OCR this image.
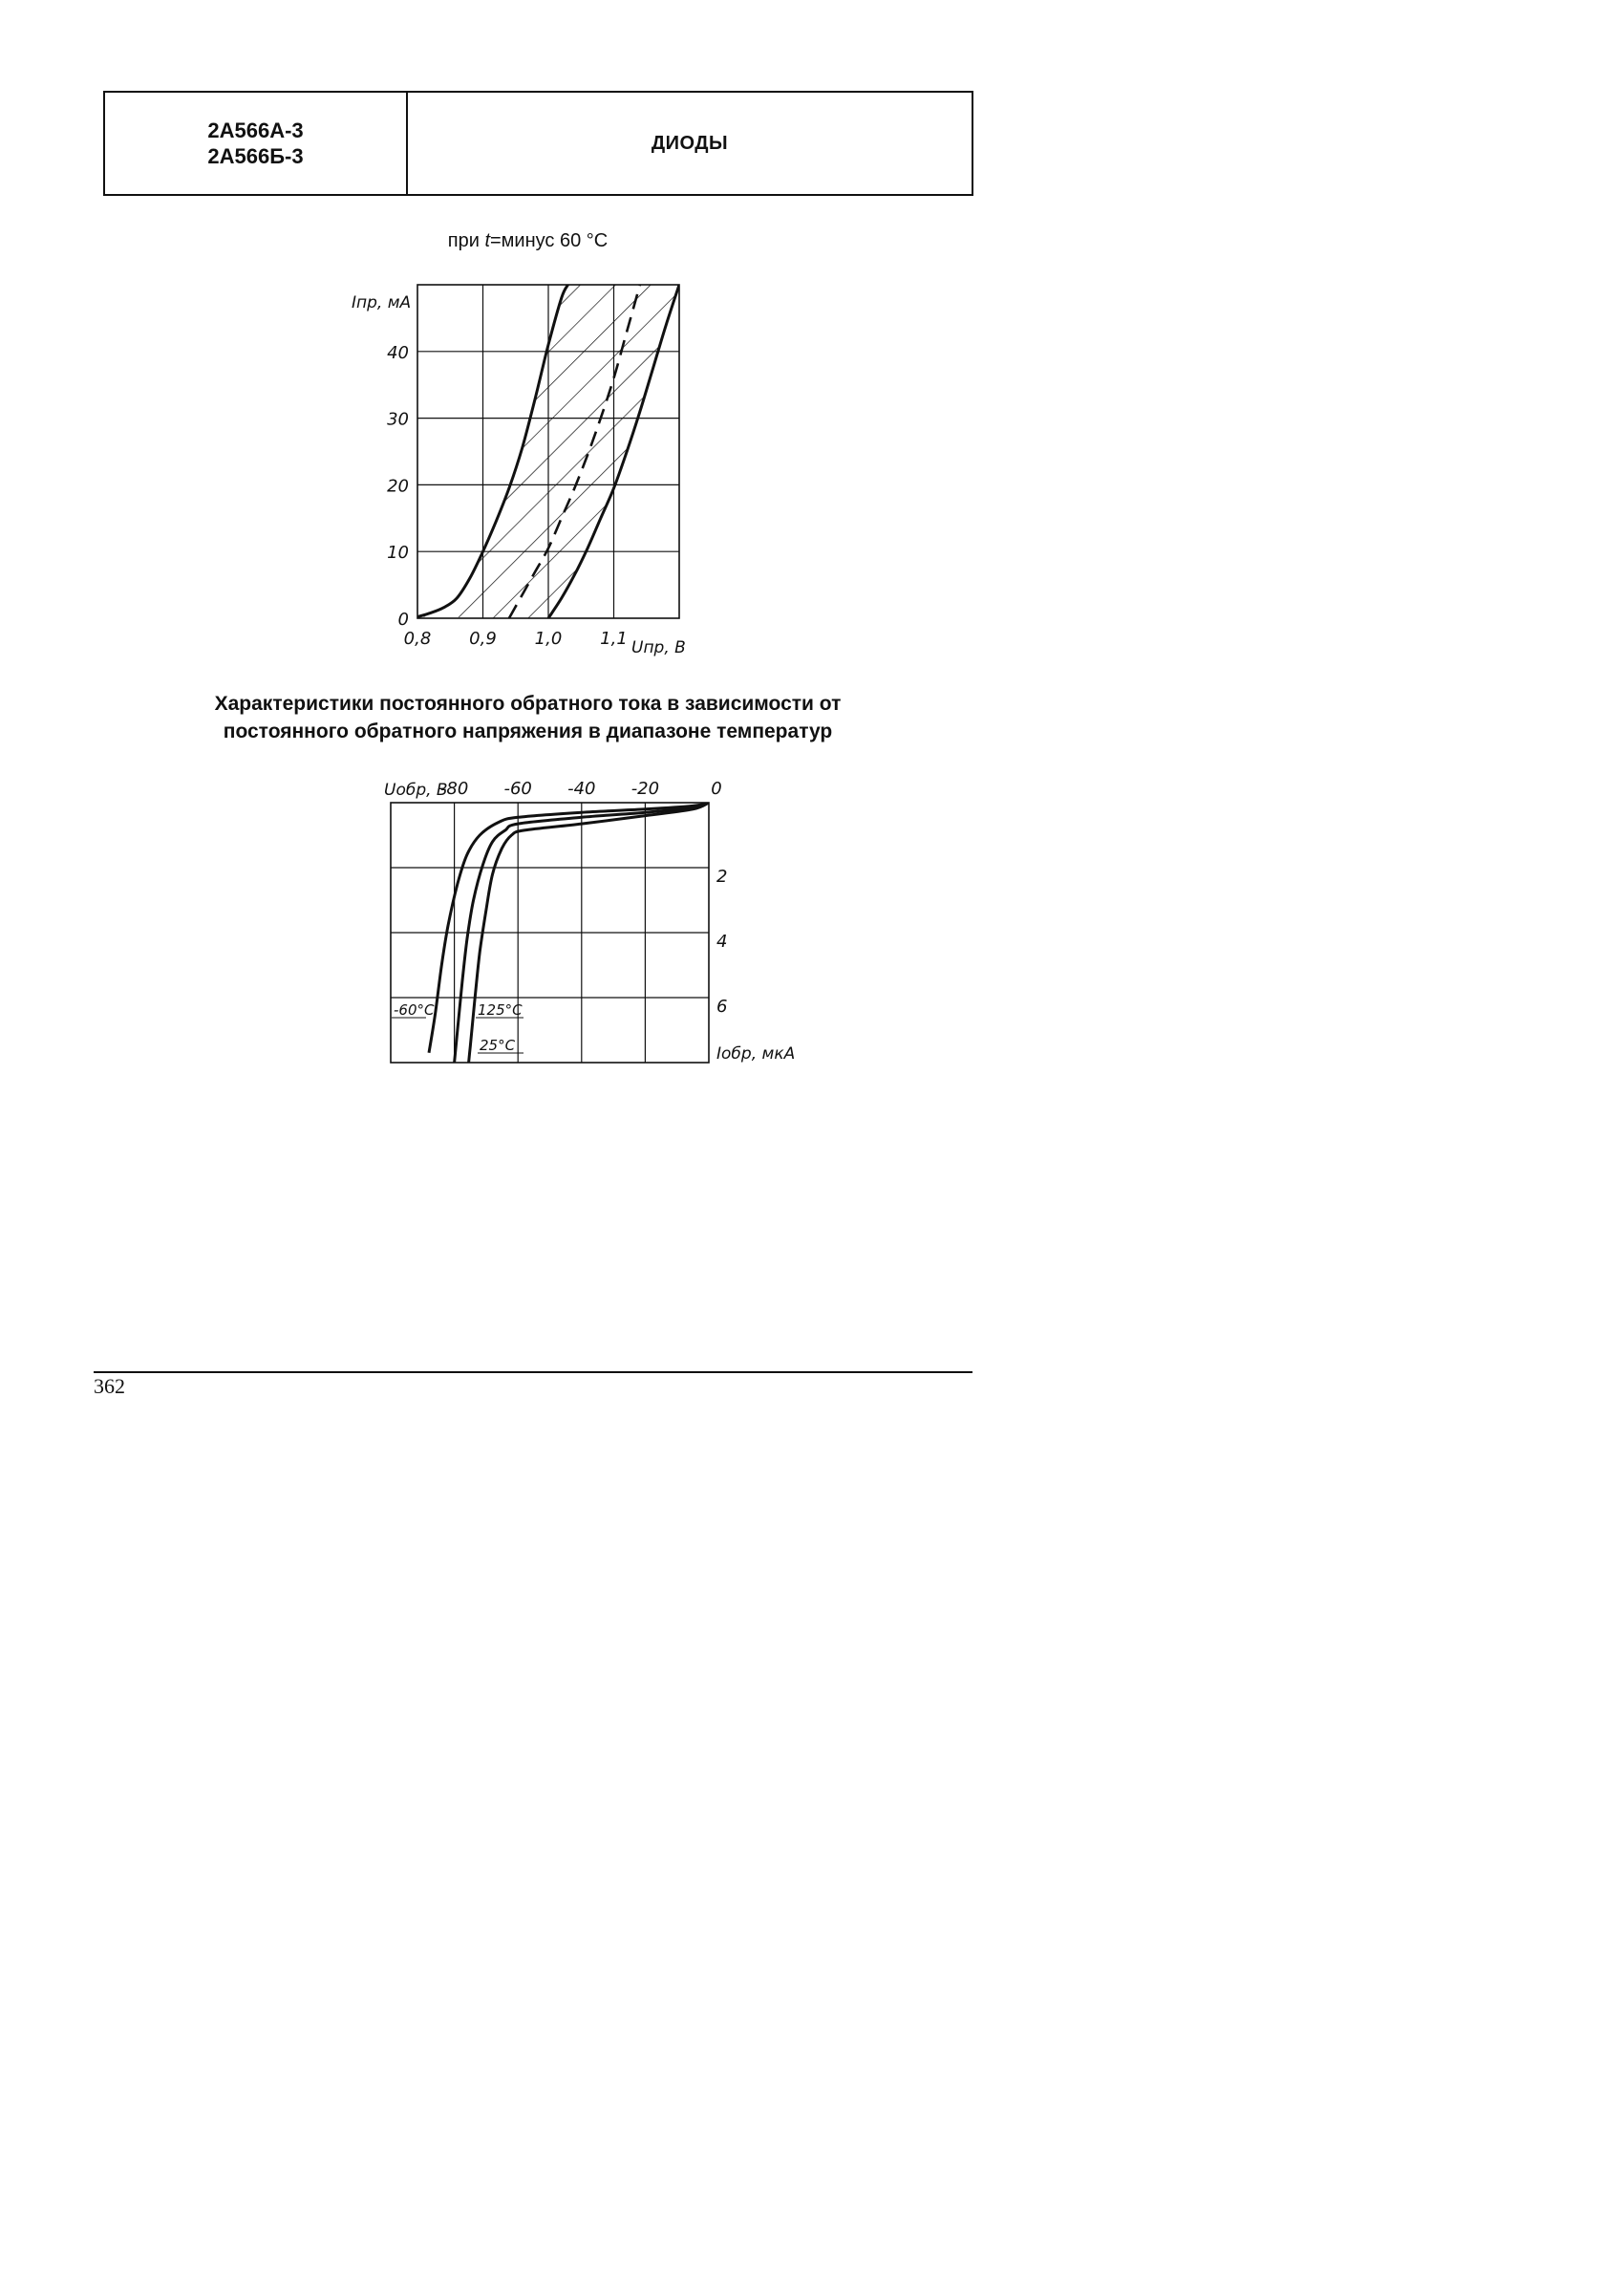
2А566А-3
2А566Б-3
ДИОДЫ
при t=минус 60 °С
0,8 0,9 1,0 1,1
0
10
20
30
40
Iпр, мА
Uпр, В
Характеристики постоянного обратного тока в зависимости от
постоянного обратного напряжения в диапазоне температур
-80 -60 -40 -20	0
2
4
6
-60°С	125°С
25°С
Uобр, В
Iобр, мкА
362
